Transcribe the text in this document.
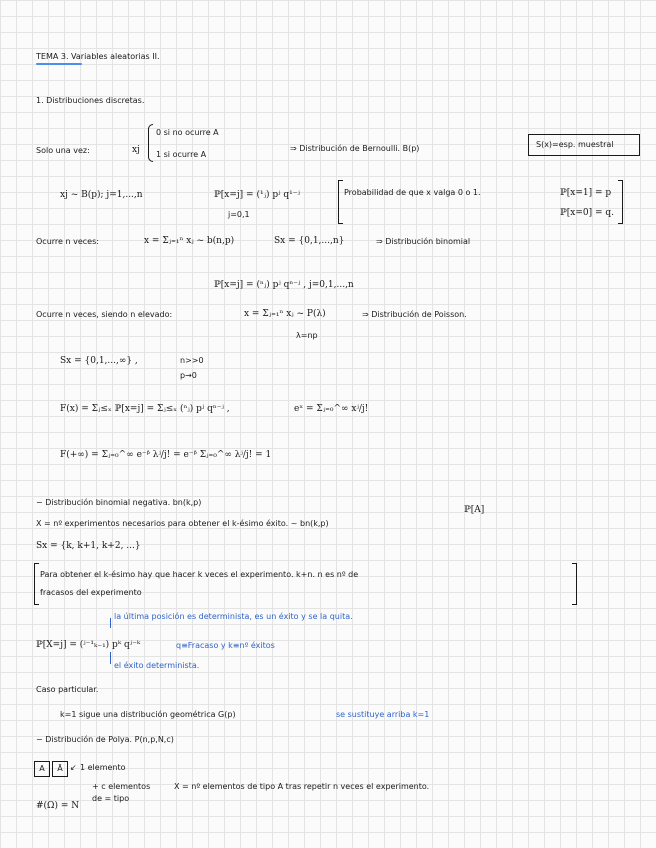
TEMA 3. Variables aleatorias II.
1. Distribuciones discretas.
Solo una vez:	xj
0 si no ocurre A
1 si ocurre A
⇒ Distribución de Bernoulli. B(p)	S(x)=esp. muestral
xj ~ B(p); j=1,...,n	ℙ[x=j] = (¹ⱼ) pʲ q¹⁻ʲ
j=0,1
Probabilidad de que x valga 0 o 1.	ℙ[x=1] = p
ℙ[x=0] = q.
Ocurre n veces:	x = Σⱼ₌₁ⁿ xⱼ ~ b(n,p)	Sx = {0,1,...,n}	⇒ Distribución binomial
ℙ[x=j] = (ⁿⱼ) pʲ qⁿ⁻ʲ , j=0,1,...,n
Ocurre n veces, siendo n elevado:	x = Σⱼ₌₁ⁿ xⱼ ~ P(λ)
λ=np
⇒ Distribución de Poisson.
Sx = {0,1,...,∞} ,	n>>0
p→0
F(x) = Σⱼ≤ₓ ℙ[x=j] = Σⱼ≤ₓ (ⁿⱼ) pʲ qⁿ⁻ʲ ,	eˣ = Σⱼ₌₀^∞ xʲ/j!
F(+∞) = Σⱼ₌₀^∞ e⁻ᵝ λʲ/j! = e⁻ᵝ Σⱼ₌₀^∞ λʲ/j! = 1
− Distribución binomial negativa. bn(k,p)
ℙ[A]
X = nº experimentos necesarios para obtener el k-ésimo éxito. ~ bn(k,p)
Sx = {k, k+1, k+2, ...}
Para obtener el k-ésimo hay que hacer k veces el experimento. k+n. n es nº de
fracasos del experimento
la última posición es determinista, es un éxito y se la quita.
ℙ[X=j] = (ʲ⁻¹ₖ₋₁) pᵏ qʲ⁻ᵏ	q≡Fracaso y k≡nº éxitos
el éxito determinista.
Caso particular.
k=1 sigue una distribución geométrica G(p)	se sustituye arriba k=1
− Distribución de Polya. P(n,p,N,c)
A	Ā ↙ 1 elemento
+ c elementos
de = tipo
X = nº elementos de tipo A tras repetir n veces el experimento.
#(Ω) = N
